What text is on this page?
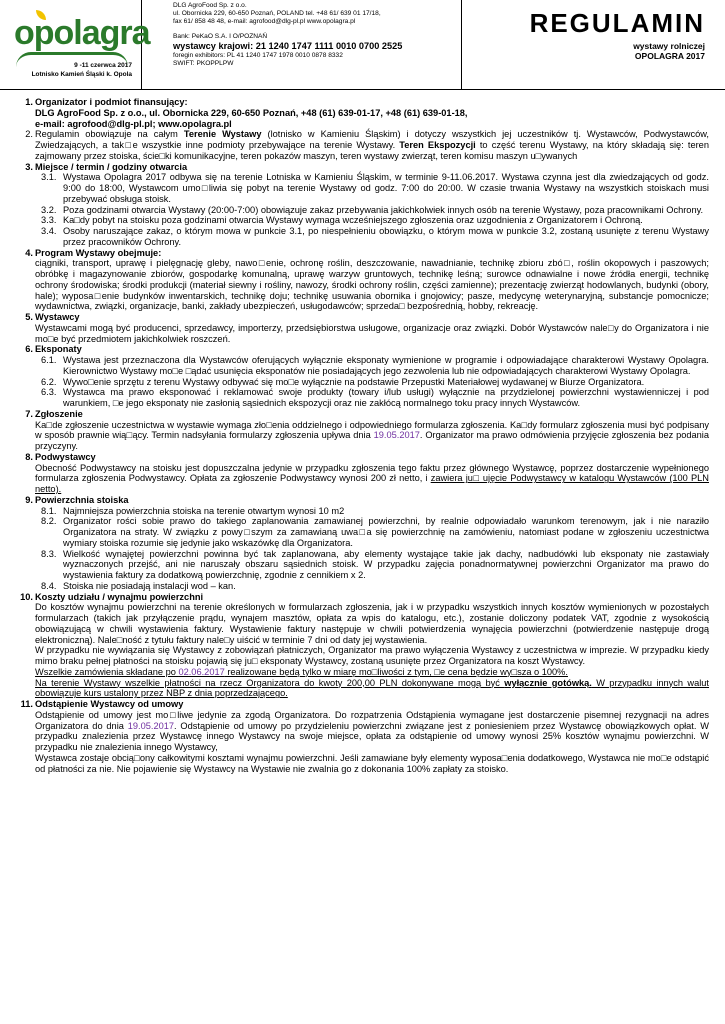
opolagra
9 -11 czerwca 2017
Lotnisko Kamień Śląski k. Opola
DLG AgroFood Sp. z o.o.
ul. Obornicka 229, 60-650 Poznań, POLAND tel. +48 61/ 639 01 17/18,
fax 61/ 858 48 48, e-mail: agrofood@dlg-pl.pl www.opolagra.pl
Bank: PeKaO S.A. I O/POZNAŃ
wystawcy krajowi: 21 1240 1747 1111 0010 0700 2525
foregin exhibitors: PL 41 1240 1747 1978 0010 0878 8332
SWIFT: PKOPPLPW
REGULAMIN
wystawy rolniczej
OPOLAGRA 2017
1. Organizator i podmiot finansujący:

DLG AgroFood Sp. z o.o., ul. Obornicka 229, 60-650 Poznań, +48 (61) 639-01-17, +48 (61) 639-01-18,

e-mail: agrofood@dlg-pl.pl; www.opolagra.pl

2. Regulamin obowiązuje na całym Terenie Wystawy (lotnisko w Kamieniu Śląskim) i dotyczy wszystkich jej uczestników tj. Wystawców, Podwystawców, Zwiedzających, a tak□e wszystkie inne podmioty przebywające na terenie Wystawy. Teren Ekspozycji to część terenu Wystawy, na który składają się: teren zajmowany przez stoiska, ście□ki komunikacyjne, teren pokazów maszyn, teren wystawy zwierząt, teren komisu maszyn u□ywanych

3. Miejsce / termin / godziny otwarcia

3.1. Wystawa Opolagra 2017 odbywa się na terenie Lotniska w Kamieniu Śląskim, w terminie 9-11.06.2017. Wystawa czynna jest dla zwiedzających od godz. 9:00 do 18:00, Wystawcom umo□liwia się pobyt na terenie Wystawy od godz. 7:00 do 20:00. W czasie trwania Wystawy na wszystkich stoiskach musi przebywać obsługa stoisk.

3.2. Poza godzinami otwarcia Wystawy (20:00-7:00) obowiązuje zakaz przebywania jakichkolwiek innych osób na terenie Wystawy, poza pracownikami Ochrony.

3.3. Ka□dy pobyt na stoisku poza godzinami otwarcia Wystawy wymaga wcześniejszego zgłoszenia oraz uzgodnienia z Organizatorem i Ochroną.

3.4. Osoby naruszające zakaz, o którym mowa w punkcie 3.1, po niespełnieniu obowiązku, o którym mowa w punkcie 3.2, zostaną usunięte z terenu Wystawy przez pracowników Ochrony.

4. Program Wystawy obejmuje:

ciągniki, transport, uprawę i pielęgnację gleby, nawo□enie, ochronę roślin, deszczowanie, nawadnianie, technikę zbioru zbó□, roślin okopowych i paszowych; obróbkę i magazynowanie zbiorów, gospodarkę komunalną, uprawę warzyw gruntowych, technikę leśną; surowce odnawialne i nowe źródła energii, technikę ochrony środowiska; środki produkcji (materiał siewny i rośliny, nawozy, środki ochrony roślin, części zamienne); prezentację zwierząt hodowlanych, budynki (obory, hale); wyposa□enie budynków inwentarskich, technikę doju; technikę usuwania obornika i gnojowicy; pasze, medycynę weterynaryjną, substancje pomocnicze; wydawnictwa, związki, organizacje, banki, zakłady ubezpieczeń, usługodawców; sprzeda□ bezpośrednią, hobby, rekreację.

5. Wystawcy

Wystawcami mogą być producenci, sprzedawcy, importerzy, przedsiębiorstwa usługowe, organizacje oraz związki. Dobór Wystawców nale□y do Organizatora i nie mo□e być przedmiotem jakichkolwiek roszczeń.

6. Eksponaty

6.1. Wystawa jest przeznaczona dla Wystawców oferujących wyłącznie eksponaty wymienione w programie i odpowiadające charakterowi Wystawy Opolagra. Kierownictwo Wystawy mo□e □ądać usunięcia eksponatów nie posiadających jego zezwolenia lub nie odpowiadających charakterowi Wystawy Opolagra.

6.2. Wywo□enie sprzętu z terenu Wystawy odbywać się mo□e wyłącznie na podstawie Przepustki Materiałowej wydawanej w Biurze Organizatora.

6.3. Wystawca ma prawo eksponować i reklamować swoje produkty (towary i/lub usługi) wyłącznie na przydzielonej powierzchni wystawienniczej i pod warunkiem, □e jego eksponaty nie zasłonią sąsiednich ekspozycji oraz nie zakłócą normalnego toku pracy innych Wystawców.

7. Zgłoszenie

Ka□de zgłoszenie uczestnictwa w wystawie wymaga zło□enia oddzielnego i odpowiedniego formularza zgłoszenia. Ka□dy formularz zgłoszenia musi być podpisany w sposób prawnie wią□ący. Termin nadsyłania formularzy zgłoszenia upływa dnia 19.05.2017. Organizator ma prawo odmówienia przyjęcie zgłoszenia bez podania przyczyny.

8. Podwystawcy

Obecność Podwystawcy na stoisku jest dopuszczalna jedynie w przypadku zgłoszenia tego faktu przez głównego Wystawcę, poprzez dostarczenie wypełnionego formularza zgłoszenia Podwystawcy. Opłata za zgłoszenie Podwystawcy wynosi 200 zł netto, i zawiera ju□ ujęcie Podwystawcy w katalogu Wystawców (100 PLN netto).

9. Powierzchnia stoiska

8.1. Najmniejsza powierzchnia stoiska na terenie otwartym wynosi 10 m2

8.2. Organizator rości sobie prawo do takiego zaplanowania zamawianej powierzchni, by realnie odpowiadało warunkom terenowym, jak i nie naraziło Organizatora na straty. W związku z powy□szym za zamawianą uwa□a się powierzchnię na zamówieniu, natomiast podane w zgłoszeniu uczestnictwa wymiary stoiska rozumie się jedynie jako wskazówkę dla Organizatora.

8.3. Wielkość wynajętej powierzchni powinna być tak zaplanowana, aby elementy wystające takie jak dachy, nadbudówki lub eksponaty nie zastawiały wyznaczonych przejść, ani nie naruszały obszaru sąsiednich stoisk. W przypadku zajęcia ponadnormatywnej powierzchni Organizator ma prawo do wystawienia faktury za dodatkową powierzchnię, zgodnie z cennikiem x 2.

8.4. Stoiska nie posiadają instalacji wod – kan.

10. Koszty udziału / wynajmu powierzchni

Do kosztów wynajmu powierzchni na terenie określonych w formularzach zgłoszenia, jak i w przypadku wszystkich innych kosztów wymienionych w pozostałych formularzach (takich jak przyłączenie prądu, wynajem masztów, opłata za wpis do katalogu, etc.), zostanie doliczony podatek VAT, zgodnie z wysokością obowiązującą w chwili wystawienia faktury. Wystawienie faktury następuje w chwili potwierdzenia wynajęcia powierzchni (potwierdzenie następuje drogą elektroniczną). Nale□ność z tytułu faktury nale□y uiścić w terminie 7 dni od daty jej wystawienia.

W przypadku nie wywiązania się Wystawcy z zobowiązań płatniczych, Organizator ma prawo wyłączenia Wystawcy z uczestnictwa w imprezie. W przypadku kiedy mimo braku pełnej płatności na stoisku pojawią się ju□ eksponaty Wystawcy, zostaną usunięte przez Organizatora na koszt Wystawcy.

Wszelkie zamówienia składane po 02.06.2017 realizowane będą tylko w miarę mo□liwości z tym, □e cena będzie wy□sza o 100%.

Na terenie Wystawy wszelkie płatności na rzecz Organizatora do kwoty 200,00 PLN dokonywane mogą być wyłącznie gotówką. W przypadku innych walut obowiązuje kurs ustalony przez NBP z dnia poprzedzającego.

11. Odstąpienie Wystawcy od umowy

Odstąpienie od umowy jest mo□liwe jedynie za zgodą Organizatora. Do rozpatrzenia Odstąpienia wymagane jest dostarczenie pisemnej rezygnacji na adres Organizatora do dnia 19.05.2017. Odstąpienie od umowy po przydzieleniu powierzchni związane jest z poniesieniem przez Wystawcę obowiązkowych opłat. W przypadku znalezienia przez Wystawcę innego Wystawcy na swoje miejsce, opłata za odstąpienie od umowy wynosi 25% kosztów wynajmu powierzchni. W przypadku nie znalezienia innego Wystawcy,

Wystawca zostaje obcią□ony całkowitymi kosztami wynajmu powierzchni. Jeśli zamawiane były elementy wyposa□enia dodatkowego, Wystawca nie mo□e odstąpić od płatności za nie. Nie pojawienie się Wystawcy na Wystawie nie zwalnia go z dokonania 100% zapłaty za stoisko.
